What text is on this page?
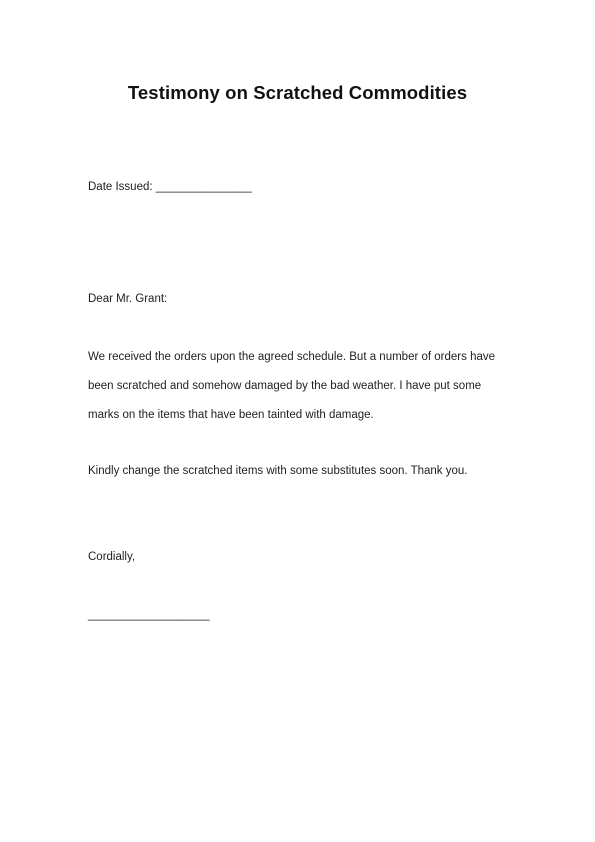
Testimony on Scratched Commodities
Date Issued: _______________
Dear Mr. Grant:
We received the orders upon the agreed schedule. But a number of orders have
been scratched and somehow damaged by the bad weather. I have put some
marks on the items that have been tainted with damage.
Kindly change the scratched items with some substitutes soon. Thank you.
Cordially,
___________________
